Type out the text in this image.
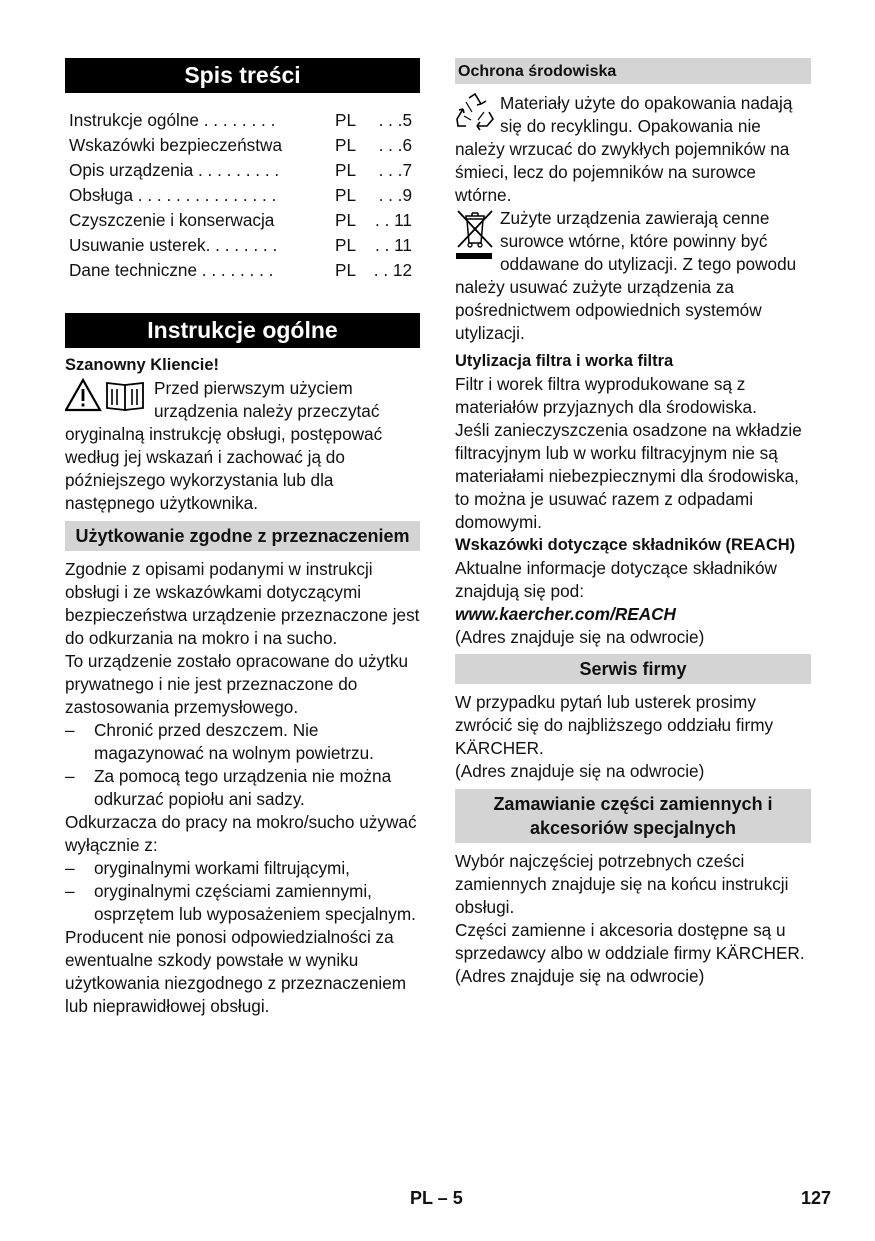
Spis treści
Instrukcje ogólne . . . . . . . .	PL . . .5
Wskazówki bezpieczeństwa	PL . . .6
Opis urządzenia . . . . . . . . .	PL . . .7
Obsługa . . . . . . . . . . . . . . .	PL . . .9
Czyszczenie i konserwacja	PL . . 11
Usuwanie usterek. . . . . . . .	PL . . 11
Dane techniczne . . . . . . . .	PL . . 12
Instrukcje ogólne

Szanowny Kliencie!

Przed pierwszym użyciem urządzenia należy przeczytać oryginalną instrukcję obsługi, postępować według jej wskazań i zachować ją do późniejszego wykorzystania lub dla następnego użytkownika.

Użytkowanie zgodne z przeznaczeniem

Zgodnie z opisami podanymi w instrukcji obsługi i ze wskazówkami dotyczącymi bezpieczeństwa urządzenie przeznaczone jest do odkurzania na mokro i na sucho.

To urządzenie zostało opracowane do użytku prywatnego i nie jest przeznaczone do zastosowania przemysłowego.

– Chronić przed deszczem. Nie magazynować na wolnym powietrzu.
– Za pomocą tego urządzenia nie można odkurzać popiołu ani sadzy.

Odkurzacza do pracy na mokro/sucho używać wyłącznie z:

– oryginalnymi workami filtrującymi,
– oryginalnymi częściami zamiennymi, osprzętem lub wyposażeniem specjalnym.

Producent nie ponosi odpowiedzialności za ewentualne szkody powstałe w wyniku użytkowania niezgodnego z przeznaczeniem lub nieprawidłowej obsługi.

Ochrona środowiska

Materiały użyte do opakowania nadają się do recyklingu. Opakowania nie należy wrzucać do zwykłych pojemników na śmieci, lecz do pojemników na surowce wtórne.

Zużyte urządzenia zawierają cenne surowce wtórne, które powinny być oddawane do utylizacji. Z tego powodu należy usuwać zużyte urządzenia za pośrednictwem odpowiednich systemów utylizacji.

Utylizacja filtra i worka filtra

Filtr i worek filtra wyprodukowane są z materiałów przyjaznych dla środowiska.

Jeśli zanieczyszczenia osadzone na wkładzie filtracyjnym lub w worku filtracyjnym nie są materiałami niebezpiecznymi dla środowiska, to można je usuwać razem z odpadami domowymi.

Wskazówki dotyczące składników (REACH)

Aktualne informacje dotyczące składników znajdują się pod:

www.kaercher.com/REACH

(Adres znajduje się na odwrocie)

Serwis firmy

W przypadku pytań lub usterek prosimy zwrócić się do najbliższego oddziału firmy KÄRCHER.

(Adres znajduje się na odwrocie)

Zamawianie części zamiennych i akcesoriów specjalnych

Wybór najczęściej potrzebnych cześci zamiennych znajduje się na końcu instrukcji obsługi.

Części zamienne i akcesoria dostępne są u sprzedawcy albo w oddziale firmy KÄRCHER.

(Adres znajduje się na odwrocie)

PL – 5	127
